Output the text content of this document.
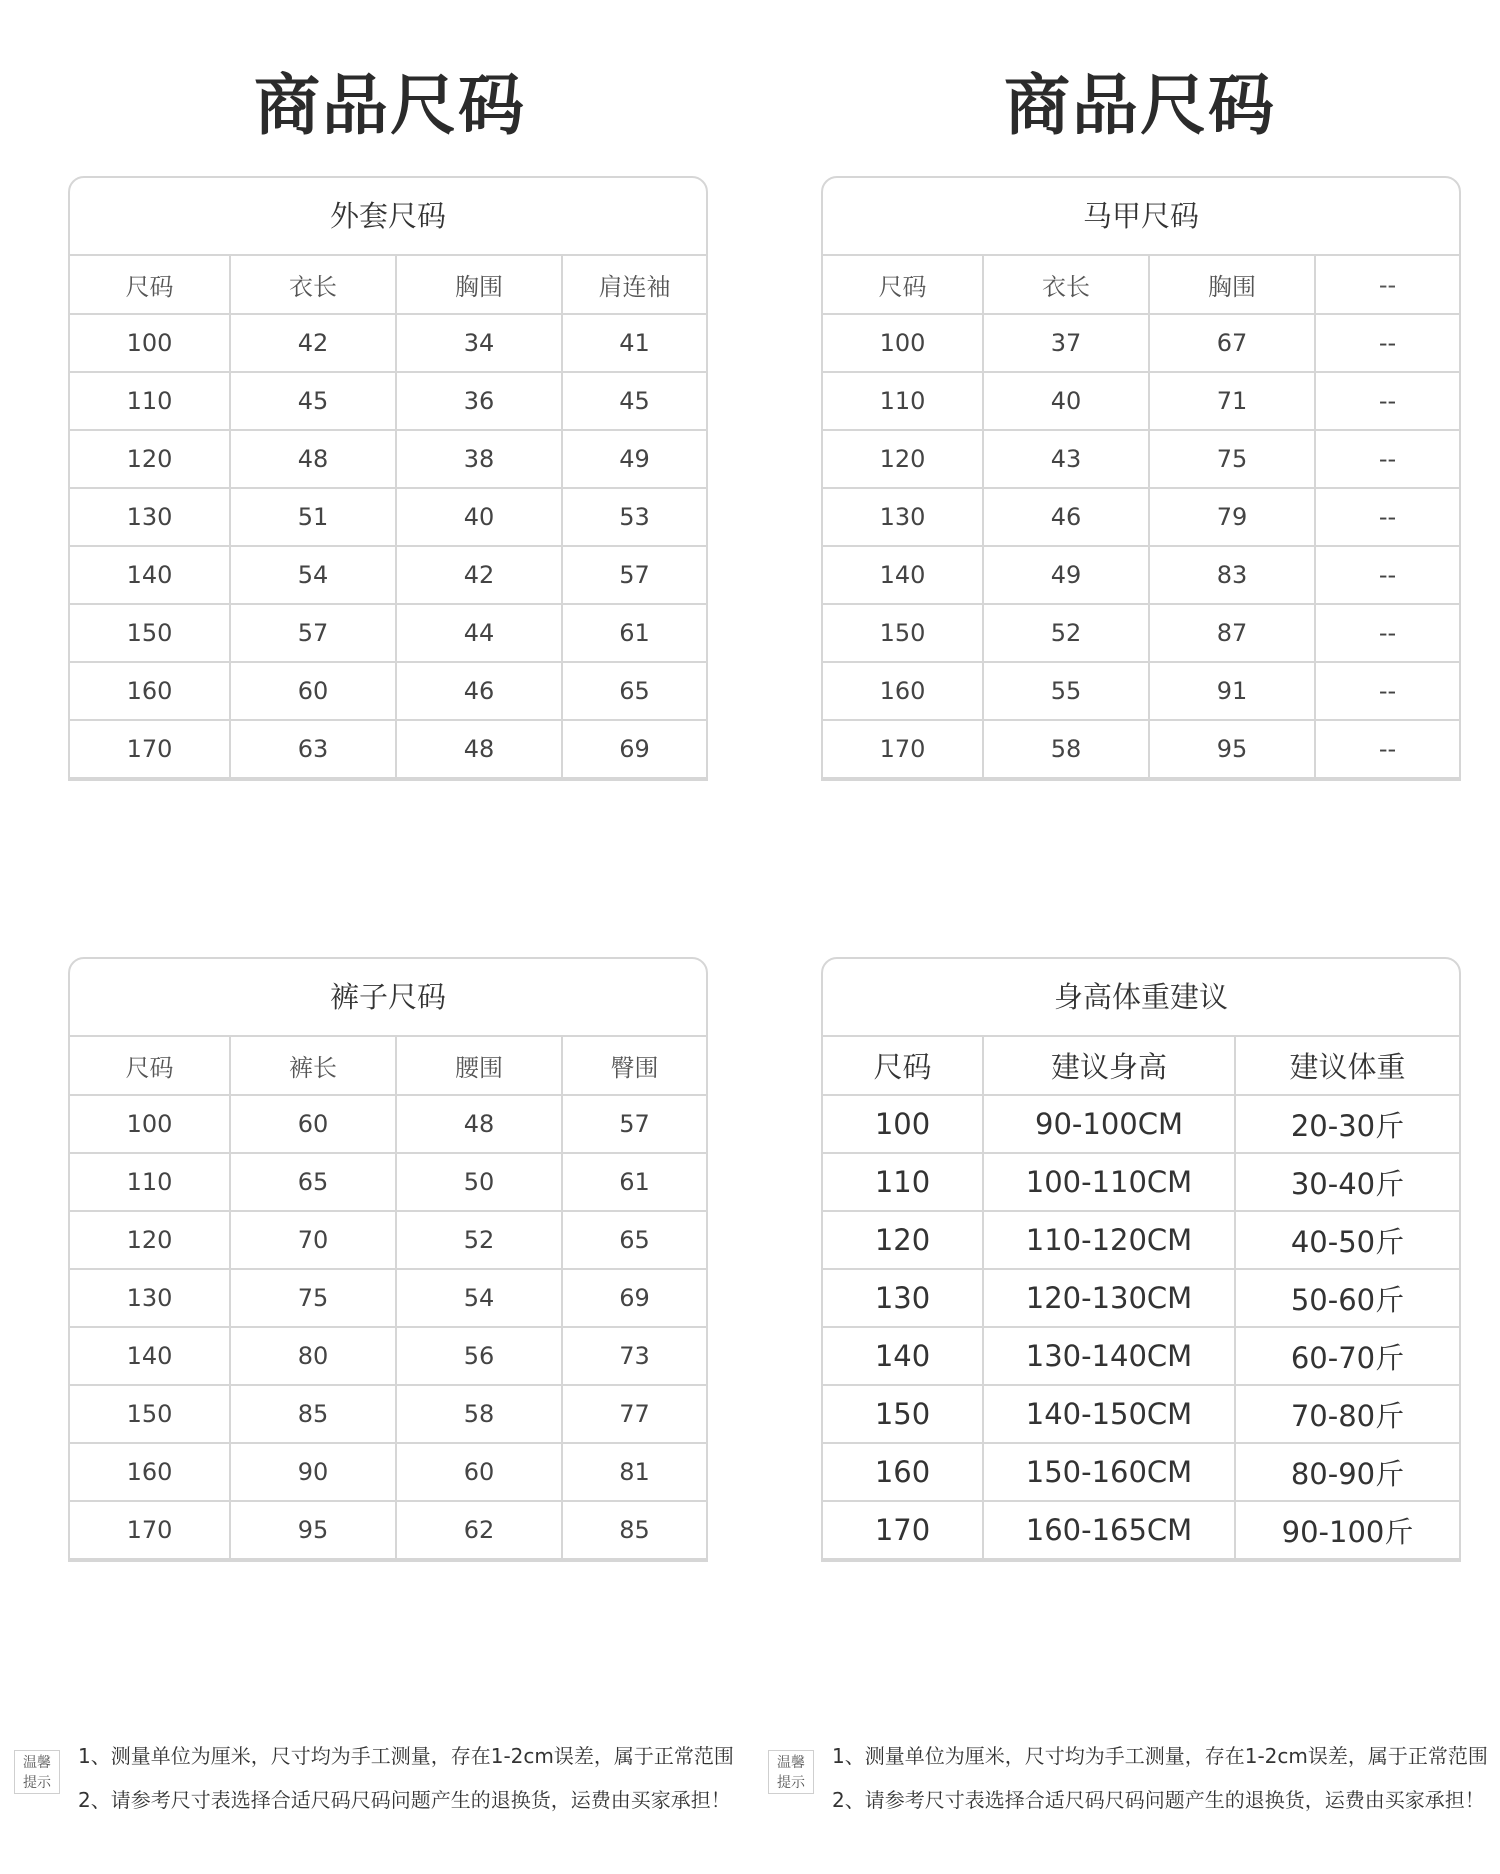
商品尺码	商品尺码
外套尺码
尺码	衣长	胸围	肩连袖
100	42	34	41
110	45	36	45
120	48	38	49
130	51	40	53
140	54	42	57
150	57	44	61
160	60	46	65
170	63	48	69
马甲尺码
尺码	衣长	胸围	--
100	37	67	--
110	40	71	--
120	43	75	--
130	46	79	--
140	49	83	--
150	52	87	--
160	55	91	--
170	58	95	--
裤子尺码
尺码	裤长	腰围	臀围
100	60	48	57
110	65	50	61
120	70	52	65
130	75	54	69
140	80	56	73
150	85	58	77
160	90	60	81
170	95	62	85
身高体重建议
尺码	建议身高	建议体重
100	90-100CM	20-30斤
110	100-110CM	30-40斤
120	110-120CM	40-50斤
130	120-130CM	50-60斤
140	130-140CM	60-70斤
150	140-150CM	70-80斤
160	150-160CM	80-90斤
170	160-165CM	90-100斤
温馨
提示
1、测量单位为厘米，尺寸均为手工测量，存在1-2cm误差，属于正常范围
2、请参考尺寸表选择合适尺码尺码问题产生的退换货，运费由买家承担！
温馨
提示
1、测量单位为厘米，尺寸均为手工测量，存在1-2cm误差，属于正常范围
2、请参考尺寸表选择合适尺码尺码问题产生的退换货，运费由买家承担！
